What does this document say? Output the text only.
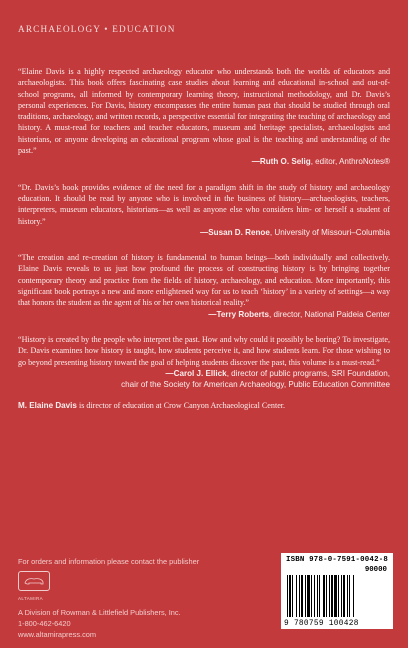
ARCHAEOLOGY • EDUCATION

“Elaine Davis is a highly respected archaeology educator who understands both the worlds of educators and archaeologists. This book offers fascinating case studies about learning and educational in-school and out-of-school programs, all informed by contemporary learning theory, instructional methodology, and Dr. Davis’s personal experiences. For Davis, history encompasses the entire human past that should be studied through oral traditions, archaeology, and written records, a perspective essential for integrating the teaching of archaeology and history. A must-read for teachers and teacher educators, museum and heritage specialists, archaeologists and historians, or anyone developing an educational program whose goal is the teaching and understanding of the past.”

—Ruth O. Selig, editor, AnthroNotes®

“Dr. Davis’s book provides evidence of the need for a paradigm shift in the study of history and archaeology education. It should be read by anyone who is involved in the business of history—archaeologists, teachers, interpreters, museum educators, historians—as well as anyone else who considers him- or herself a student of history.”

—Susan D. Renoe, University of Missouri–Columbia

“The creation and re-creation of history is fundamental to human beings—both individually and collectively. Elaine Davis reveals to us just how profound the process of constructing history is by bringing together contemporary theory and practice from the fields of history, archaeology, and education. More importantly, this significant book portrays a new and more enlightened way for us to teach ‘history’ in a variety of settings—a way that honors the student as the agent of his or her own historical reality.”

—Terry Roberts, director, National Paideia Center

“History is created by the people who interpret the past. How and why could it possibly be boring? To investigate, Dr. Davis examines how history is taught, how students perceive it, and how students learn. For those wishing to go beyond presenting history toward the goal of helping students discover the past, this volume is a must-read.”

—Carol J. Ellick, director of public programs, SRI Foundation,
chair of the Society for American Archaeology, Public Education Committee
M. Elaine Davis is director of education at Crow Canyon Archaeological Center.
For orders and information please contact the publisher
ALTAMIRA
A Division of Rowman & Littlefield Publishers, Inc.
1-800-462-6420
www.altamirapress.com
ISBN 978-0-7591-0042-8
90000
9 780759 100428
